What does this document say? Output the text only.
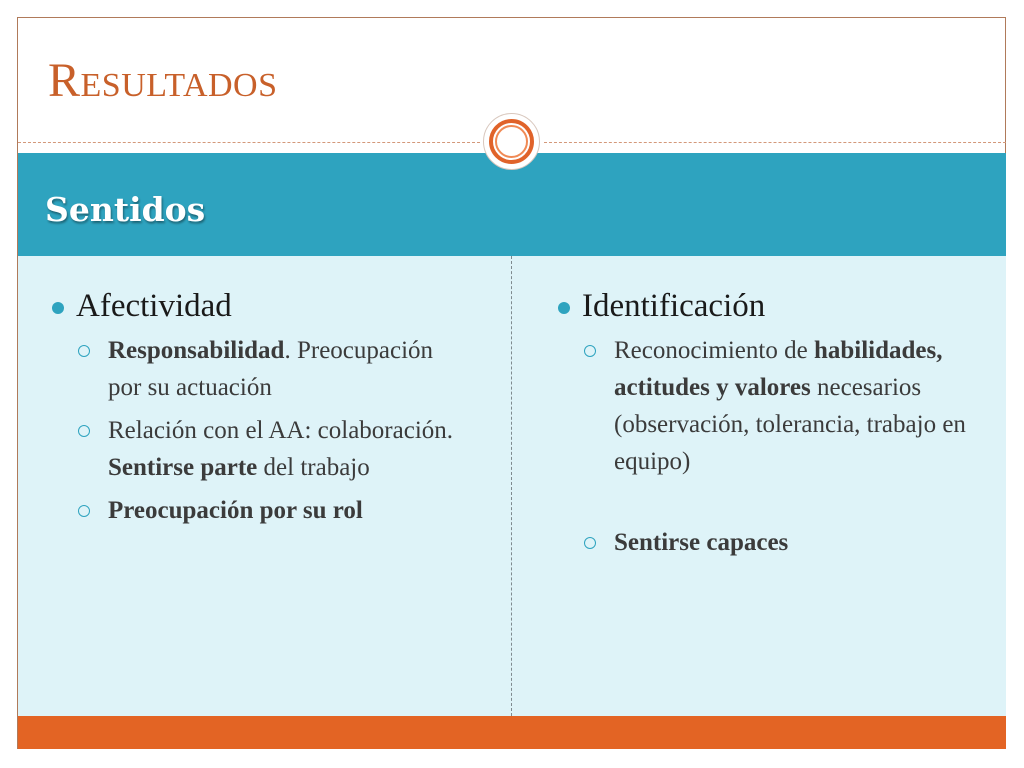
Resultados
Sentidos
Afectividad
Responsabilidad. Preocupación por su actuación
Relación con el AA: colaboración. Sentirse parte del trabajo
Preocupación por su rol
Identificación
Reconocimiento de habilidades, actitudes y valores necesarios (observación, tolerancia, trabajo en equipo)
Sentirse capaces
